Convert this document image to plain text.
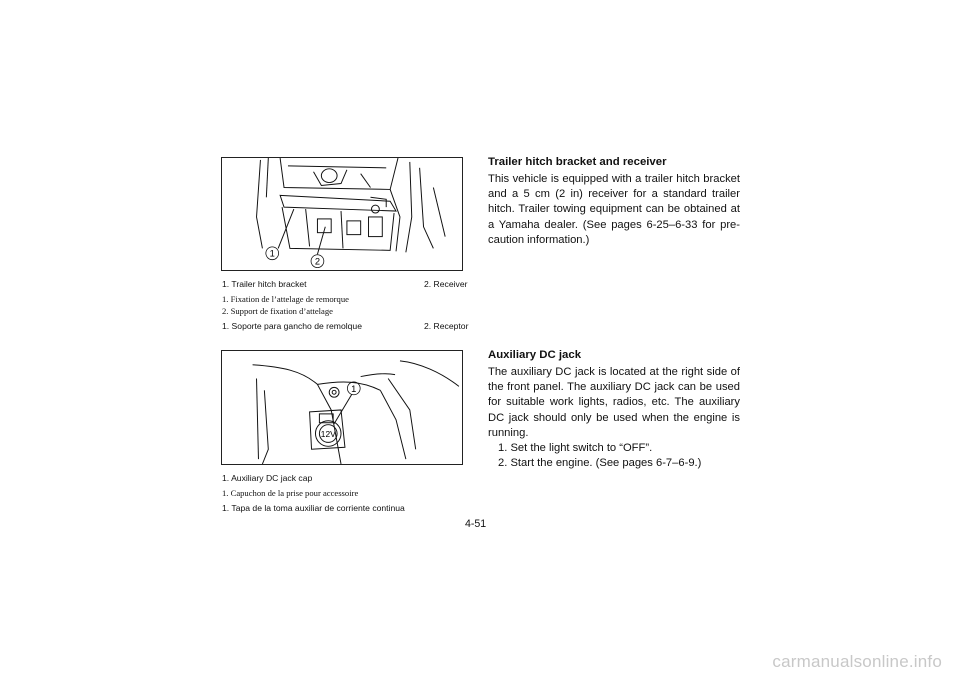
1
2
1. Trailer hitch bracket	2. Receiver
1. Fixation de l’attelage de remorque
2. Support de fixation d’attelage
1. Soporte para gancho de remolque	2. Receptor
1
12V
1. Auxiliary DC jack cap
1. Capuchon de la prise pour accessoire
1. Tapa de la toma auxiliar de corriente continua
Trailer hitch bracket and receiver

This vehicle is equipped with a trailer hitch bracket and a 5 cm (2 in) receiver for a standard trailer hitch. Trailer towing equipment can be obtained at a Yamaha dealer. (See pages 6-25–6-33 for pre-caution information.)

Auxiliary DC jack

The auxiliary DC jack is located at the right side of the front panel. The auxiliary DC jack can be used for suitable work lights, radios, etc. The auxiliary DC jack should only be used when the engine is running.

1. Set the light switch to “OFF”.
2. Start the engine. (See pages 6-7–6-9.)
4-51
carmanualsonline.info
